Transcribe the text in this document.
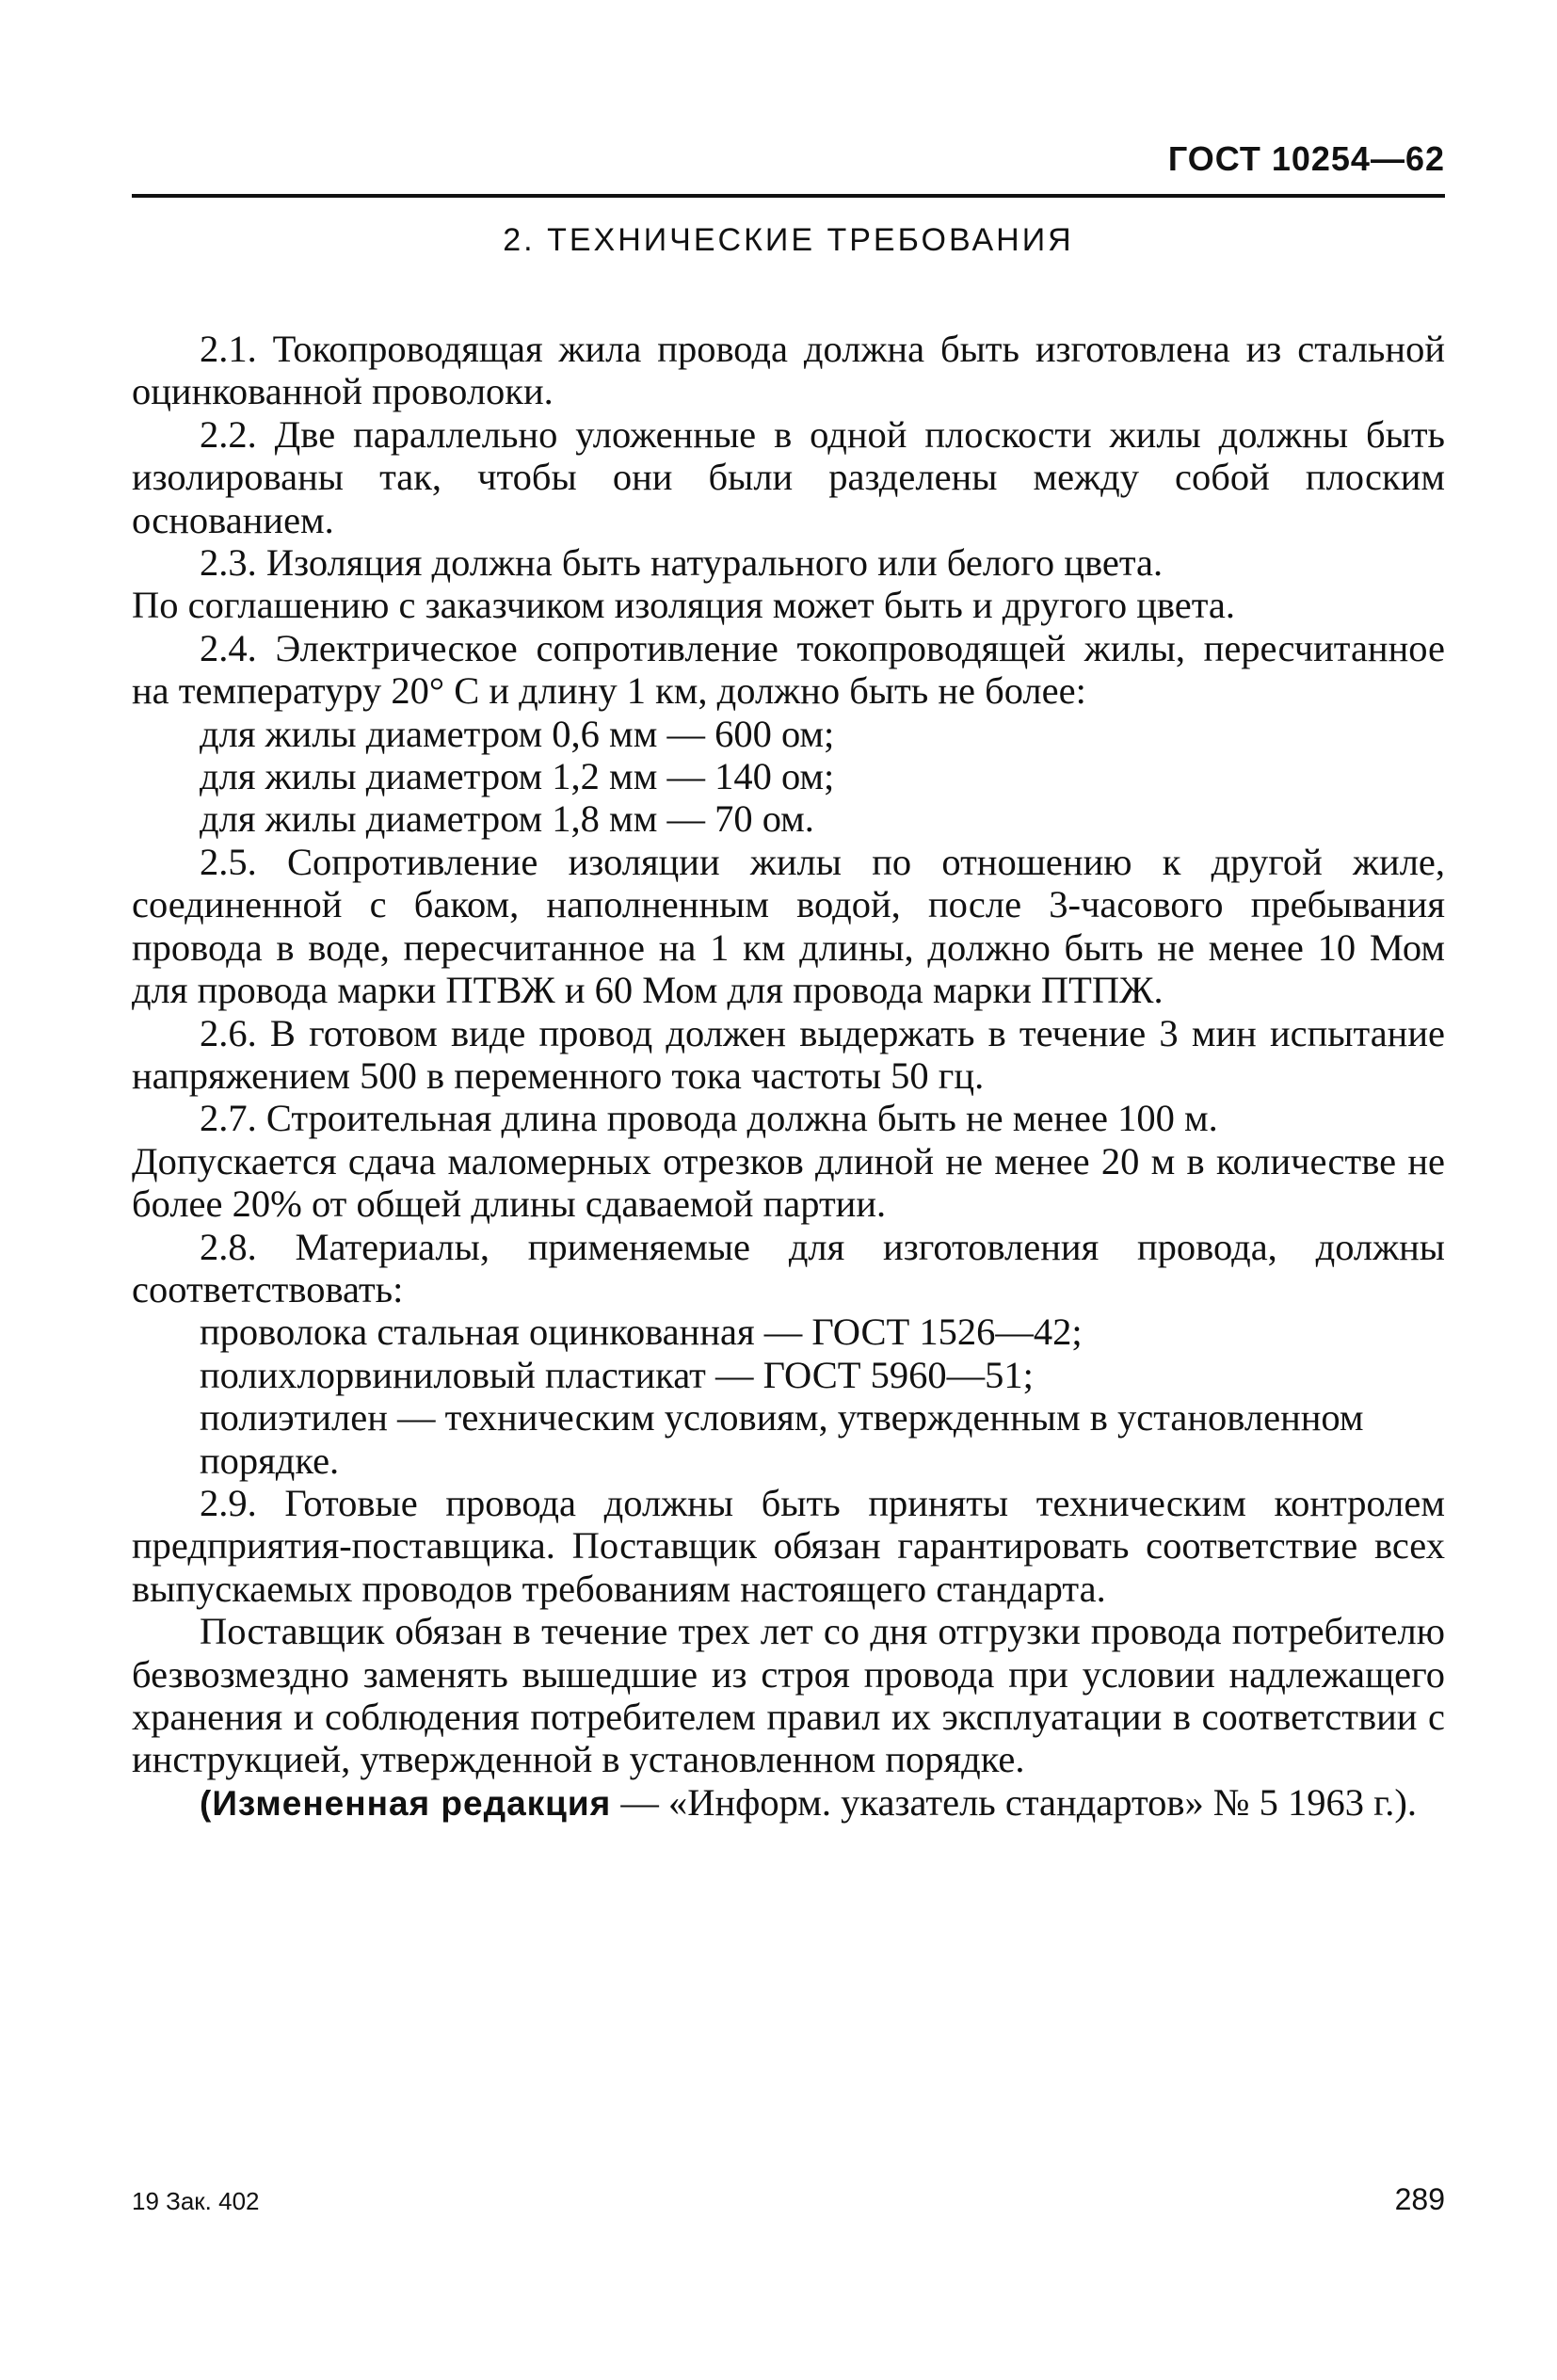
ГОСТ 10254—62
2. ТЕХНИЧЕСКИЕ ТРЕБОВАНИЯ

2.1. Токопроводящая жила провода должна быть изготовлена из стальной оцинкованной проволоки.

2.2. Две параллельно уложенные в одной плоскости жилы должны быть изолированы так, чтобы они были разделены между собой плоским основанием.

2.3. Изоляция должна быть натурального или белого цвета.

По соглашению с заказчиком изоляция может быть и другого цвета.

2.4. Электрическое сопротивление токопроводящей жилы, пересчитанное на температуру 20° С и длину 1 км, должно быть не более:

для жилы диаметром 0,6 мм — 600 ом;

для жилы диаметром 1,2 мм — 140 ом;

для жилы диаметром 1,8 мм — 70 ом.

2.5. Сопротивление изоляции жилы по отношению к другой жиле, соединенной с баком, наполненным водой, после 3-часового пребывания провода в воде, пересчитанное на 1 км длины, должно быть не менее 10 Мом для провода марки ПТВЖ и 60 Мом для провода марки ПТПЖ.

2.6. В готовом виде провод должен выдержать в течение 3 мин испытание напряжением 500 в переменного тока частоты 50 гц.

2.7. Строительная длина провода должна быть не менее 100 м.

Допускается сдача маломерных отрезков длиной не менее 20 м в количестве не более 20% от общей длины сдаваемой партии.

2.8. Материалы, применяемые для изготовления провода, должны соответствовать:

проволока стальная оцинкованная — ГОСТ 1526—42;

полихлорвиниловый пластикат — ГОСТ 5960—51;

полиэтилен — техническим условиям, утвержденным в установленном порядке.

2.9. Готовые провода должны быть приняты техническим контролем предприятия-поставщика. Поставщик обязан гарантировать соответствие всех выпускаемых проводов требованиям настоящего стандарта.

Поставщик обязан в течение трех лет со дня отгрузки провода потребителю безвозмездно заменять вышедшие из строя провода при условии надлежащего хранения и соблюдения потребителем правил их эксплуатации в соответствии с инструкцией, утвержденной в установленном порядке.

(Измененная редакция — «Информ. указатель стандартов» № 5 1963 г.).

19 Зак. 402	289
